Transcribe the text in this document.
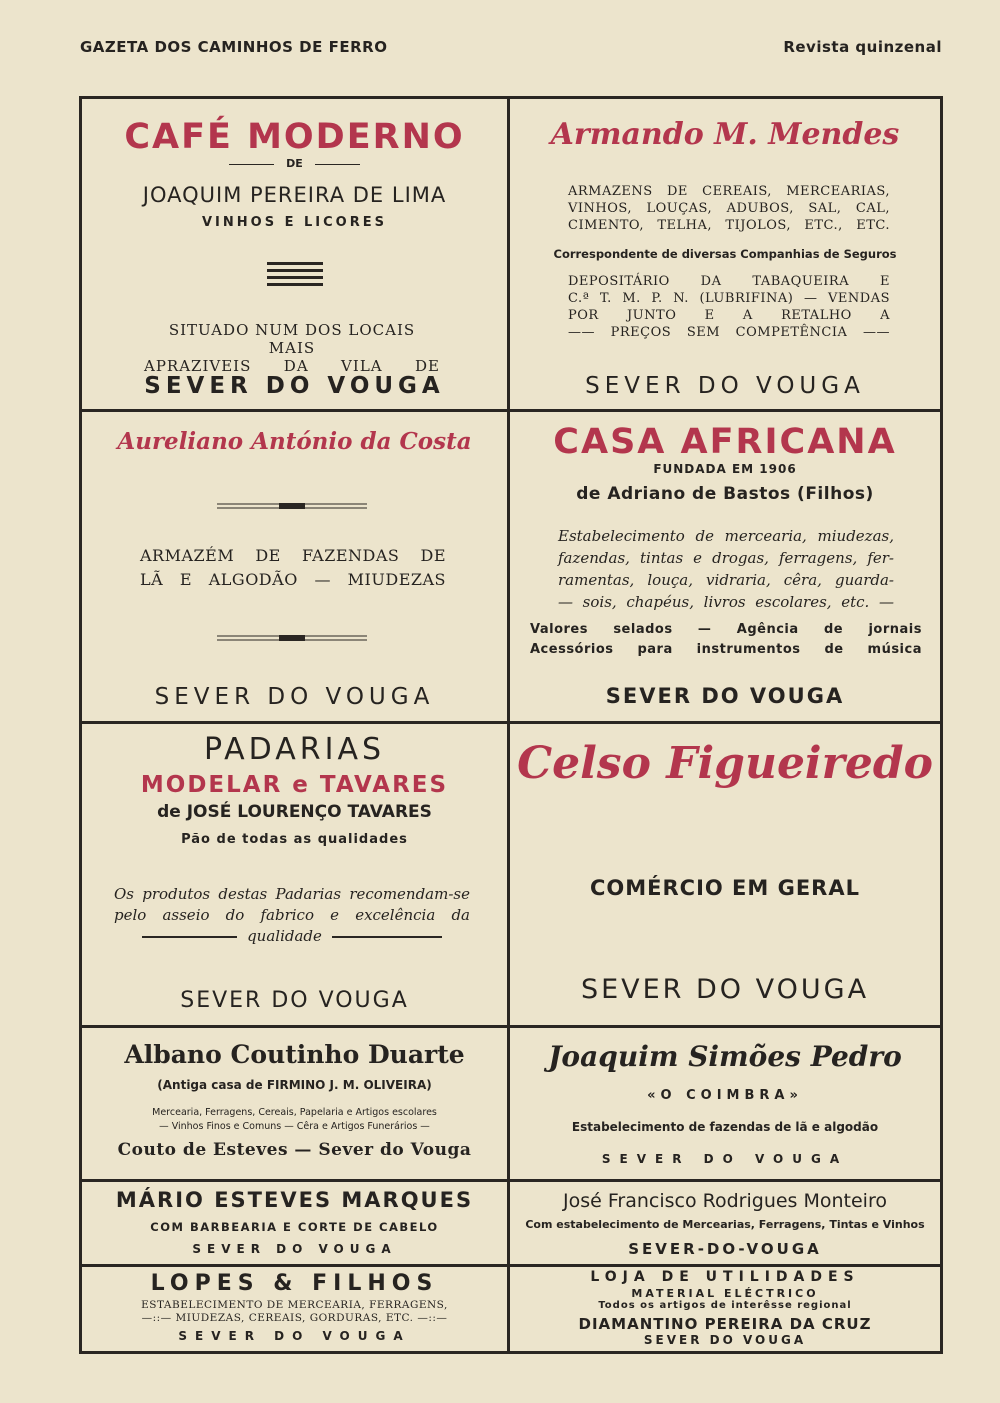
GAZETA DOS CAMINHOS DE FERRO	Revista quinzenal
CAFÉ MODERNO
DE
JOAQUIM PEREIRA DE LIMA
VINHOS E LICORES
SITUADO NUM DOS LOCAIS MAIS
APRAZIVEIS DA VILA DE
SEVER DO VOUGA
Armando M. Mendes
ARMAZENS DE CEREAIS, MERCEARIAS,
VINHOS, LOUÇAS, ADUBOS, SAL, CAL,
CIMENTO, TELHA, TIJOLOS, ETC., ETC.
Correspondente de diversas Companhias de Seguros
DEPOSITÁRIO DA TABAQUEIRA E
C.ª T. M. P. N. (LUBRIFINA) — VENDAS
POR JUNTO E A RETALHO A
—— PREÇOS SEM COMPETÊNCIA ——
SEVER DO VOUGA
Aureliano António da Costa
ARMAZÉM DE FAZENDAS DE
LÃ E ALGODÃO — MIUDEZAS
SEVER DO VOUGA
CASA AFRICANA
FUNDADA EM 1906
de Adriano de Bastos (Filhos)
Estabelecimento de mercearia, miudezas,
fazendas, tintas e drogas, ferragens, fer-
ramentas, louça, vidraria, cêra, guarda-
— sois, chapéus, livros escolares, etc. —
Valores selados — Agência de jornais
Acessórios para instrumentos de música
SEVER DO VOUGA
PADARIAS
MODELAR e TAVARES
de JOSÉ LOURENÇO TAVARES
Pão de todas as qualidades
Os produtos destas Padarias recomendam-se
pelo asseio do fabrico e excelência da
qualidade
SEVER DO VOUGA
Celso Figueiredo
COMÉRCIO EM GERAL
SEVER DO VOUGA
Albano Coutinho Duarte
(Antiga casa de FIRMINO J. M. OLIVEIRA)
Mercearia, Ferragens, Cereais, Papelaria e Artigos escolares
— Vinhos Finos e Comuns — Cêra e Artigos Funerários —
Couto de Esteves — Sever do Vouga
Joaquim Simões Pedro
«O COIMBRA»
Estabelecimento de fazendas de lã e algodão
SEVER DO VOUGA
MÁRIO ESTEVES MARQUES
COM BARBEARIA E CORTE DE CABELO
SEVER DO VOUGA
José Francisco Rodrigues Monteiro
Com estabelecimento de Mercearias, Ferragens, Tintas e Vinhos
SEVER-DO-VOUGA
LOPES & FILHOS
ESTABELECIMENTO DE MERCEARIA, FERRAGENS,
—::— MIUDEZAS, CEREAIS, GORDURAS, ETC. —::—
SEVER DO VOUGA
LOJA DE UTILIDADES
MATERIAL ELÉCTRICO
Todos os artigos de interêsse regional
DIAMANTINO PEREIRA DA CRUZ
SEVER DO VOUGA
